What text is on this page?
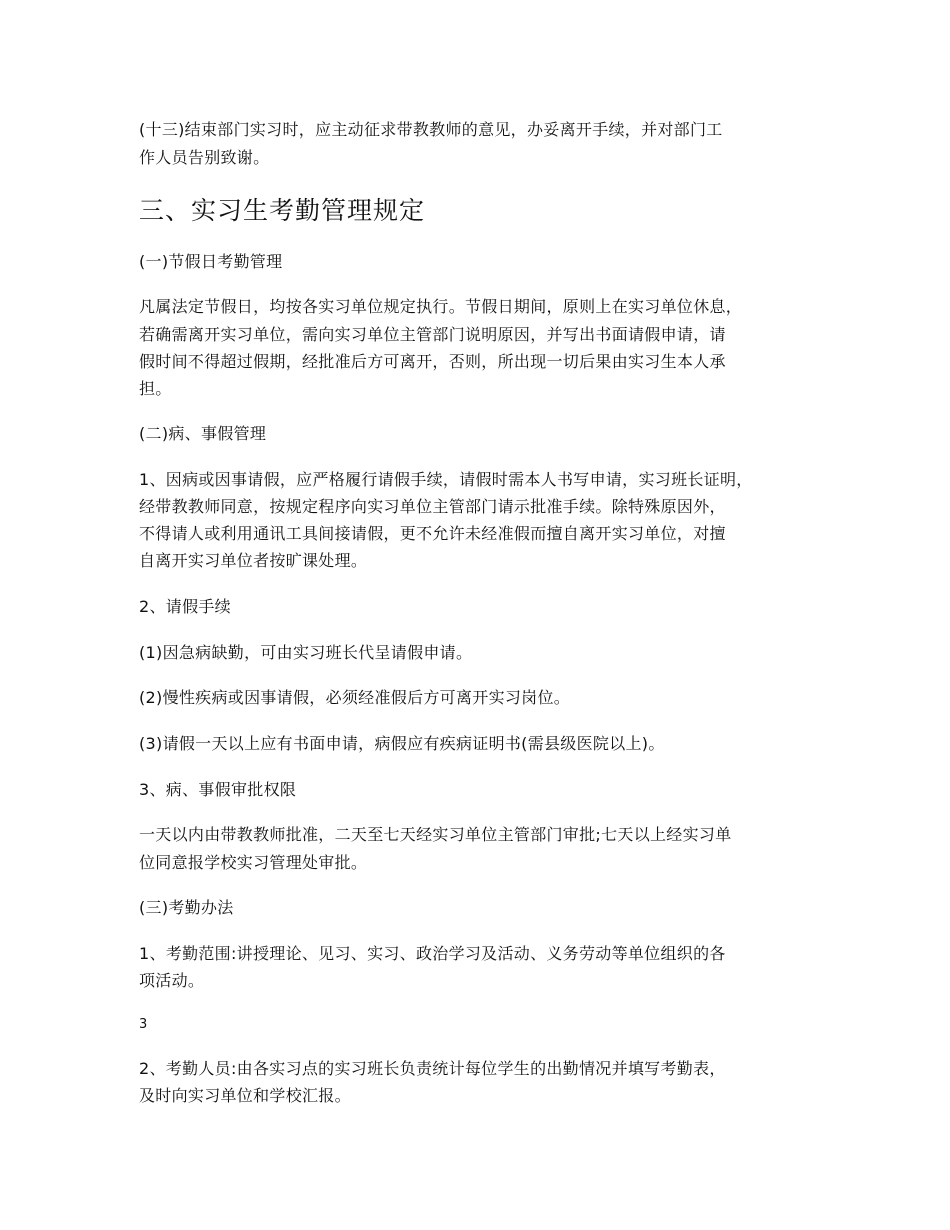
(十三)结束部门实习时，应主动征求带教教师的意见，办妥离开手续，并对部门工
作人员告别致谢。
三、实习生考勤管理规定
(一)节假日考勤管理
凡属法定节假日，均按各实习单位规定执行。节假日期间，原则上在实习单位休息，
若确需离开实习单位，需向实习单位主管部门说明原因，并写出书面请假申请，请
假时间不得超过假期，经批准后方可离开，否则，所出现一切后果由实习生本人承
担。
(二)病、事假管理
1、因病或因事请假，应严格履行请假手续，请假时需本人书写申请，实习班长证明，
经带教教师同意，按规定程序向实习单位主管部门请示批准手续。除特殊原因外，
不得请人或利用通讯工具间接请假，更不允许未经准假而擅自离开实习单位，对擅
自离开实习单位者按旷课处理。
2、请假手续
(1)因急病缺勤，可由实习班长代呈请假申请。
(2)慢性疾病或因事请假，必须经准假后方可离开实习岗位。
(3)请假一天以上应有书面申请，病假应有疾病证明书(需县级医院以上)。
3、病、事假审批权限
一天以内由带教教师批准，二天至七天经实习单位主管部门审批;七天以上经实习单
位同意报学校实习管理处审批。
(三)考勤办法
1、考勤范围:讲授理论、见习、实习、政治学习及活动、义务劳动等单位组织的各
项活动。
3
2、考勤人员:由各实习点的实习班长负责统计每位学生的出勤情况并填写考勤表，
及时向实习单位和学校汇报。
